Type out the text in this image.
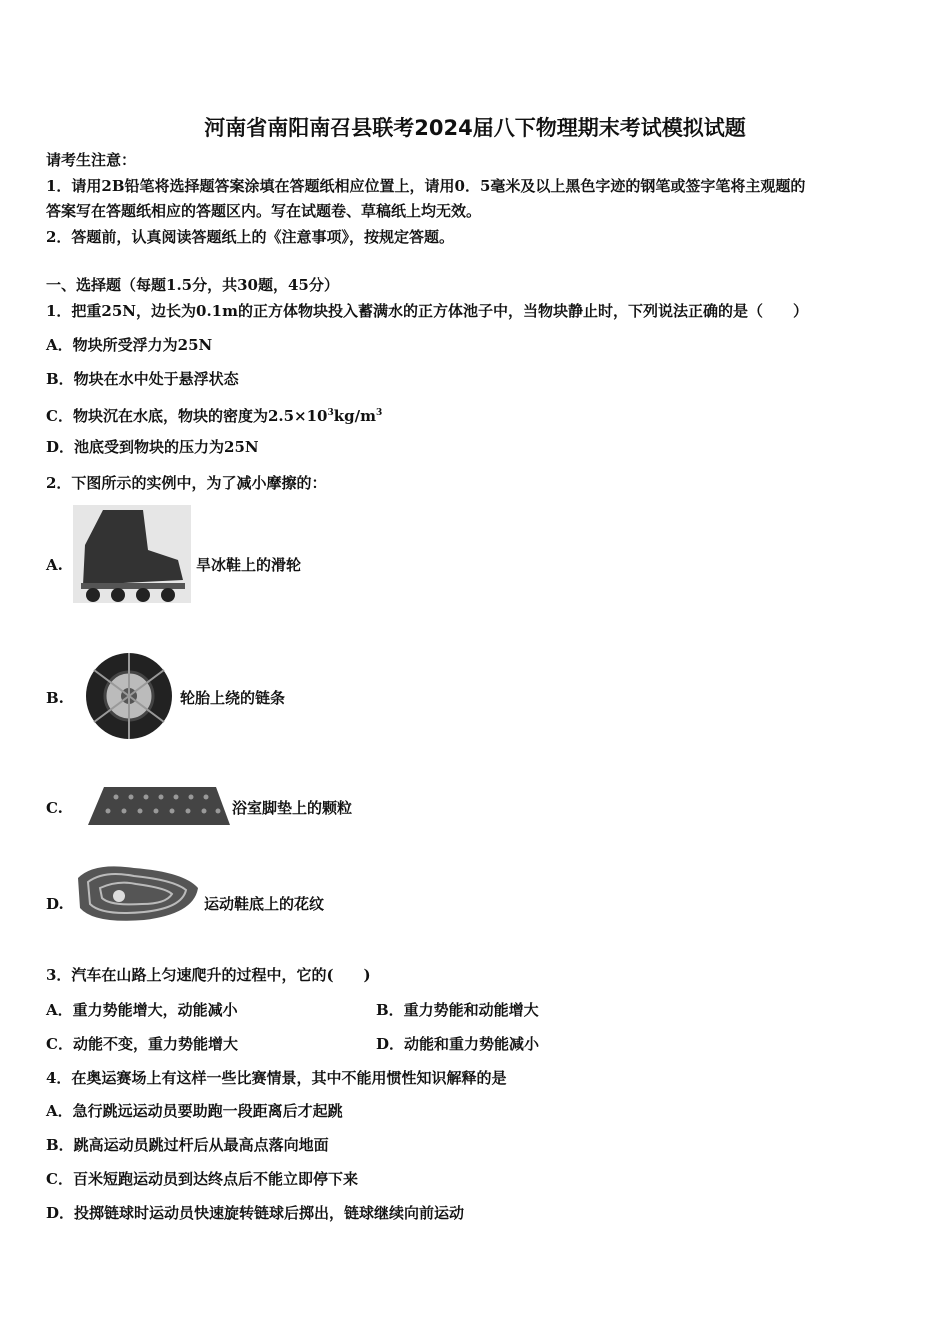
河南省南阳南召县联考2024届八下物理期末考试模拟试题
请考生注意：
1．请用2B铅笔将选择题答案涂填在答题纸相应位置上，请用0．5毫米及以上黑色字迹的钢笔或签字笔将主观题的
答案写在答题纸相应的答题区内。写在试题卷、草稿纸上均无效。
2．答题前，认真阅读答题纸上的《注意事项》，按规定答题。
一、选择题（每题1.5分，共30题，45分）
1．把重25N，边长为0.1m的正方体物块投入蓄满水的正方体池子中，当物块静止时，下列说法正确的是（　　）
A．物块所受浮力为25N
B．物块在水中处于悬浮状态
C．物块沉在水底，物块的密度为$2.5\times 10^3kg/m^3$
D．池底受到物块的压力为25N
2．下图所示的实例中，为了减小摩擦的：
A.	旱冰鞋上的滑轮
B.	轮胎上绕的链条
C.	浴室脚垫上的颗粒
D.	运动鞋底上的花纹
3．汽车在山路上匀速爬升的过程中，它的(　　)
A．重力势能增大，动能减小	B．重力势能和动能增大
C．动能不变，重力势能增大	D．动能和重力势能减小
4．在奥运赛场上有这样一些比赛情景，其中不能用惯性知识解释的是
A．急行跳远运动员要助跑一段距离后才起跳
B．跳高运动员跳过杆后从最高点落向地面
C．百米短跑运动员到达终点后不能立即停下来
D．投掷链球时运动员快速旋转链球后掷出，链球继续向前运动
